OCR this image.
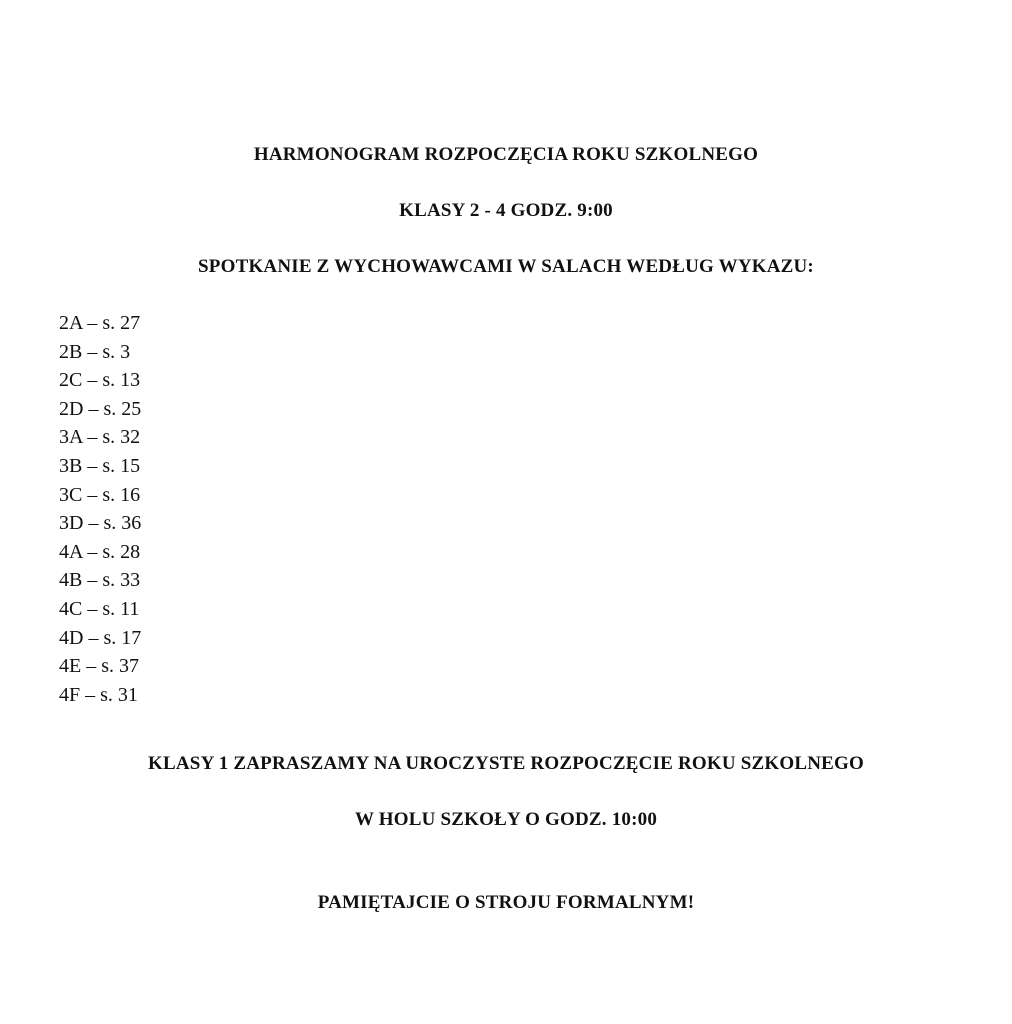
HARMONOGRAM ROZPOCZĘCIA ROKU SZKOLNEGO
KLASY 2 - 4 GODZ. 9:00
SPOTKANIE Z WYCHOWAWCAMI W SALACH WEDŁUG WYKAZU:
2A – s. 27
2B – s. 3
2C – s. 13
2D – s. 25
3A – s. 32
3B – s. 15
3C – s. 16
3D – s. 36
4A – s. 28
4B – s. 33
4C – s. 11
4D – s. 17
4E – s. 37
4F – s. 31
KLASY 1 ZAPRASZAMY NA UROCZYSTE ROZPOCZĘCIE ROKU SZKOLNEGO
W HOLU SZKOŁY O GODZ. 10:00
PAMIĘTAJCIE O STROJU FORMALNYM!
